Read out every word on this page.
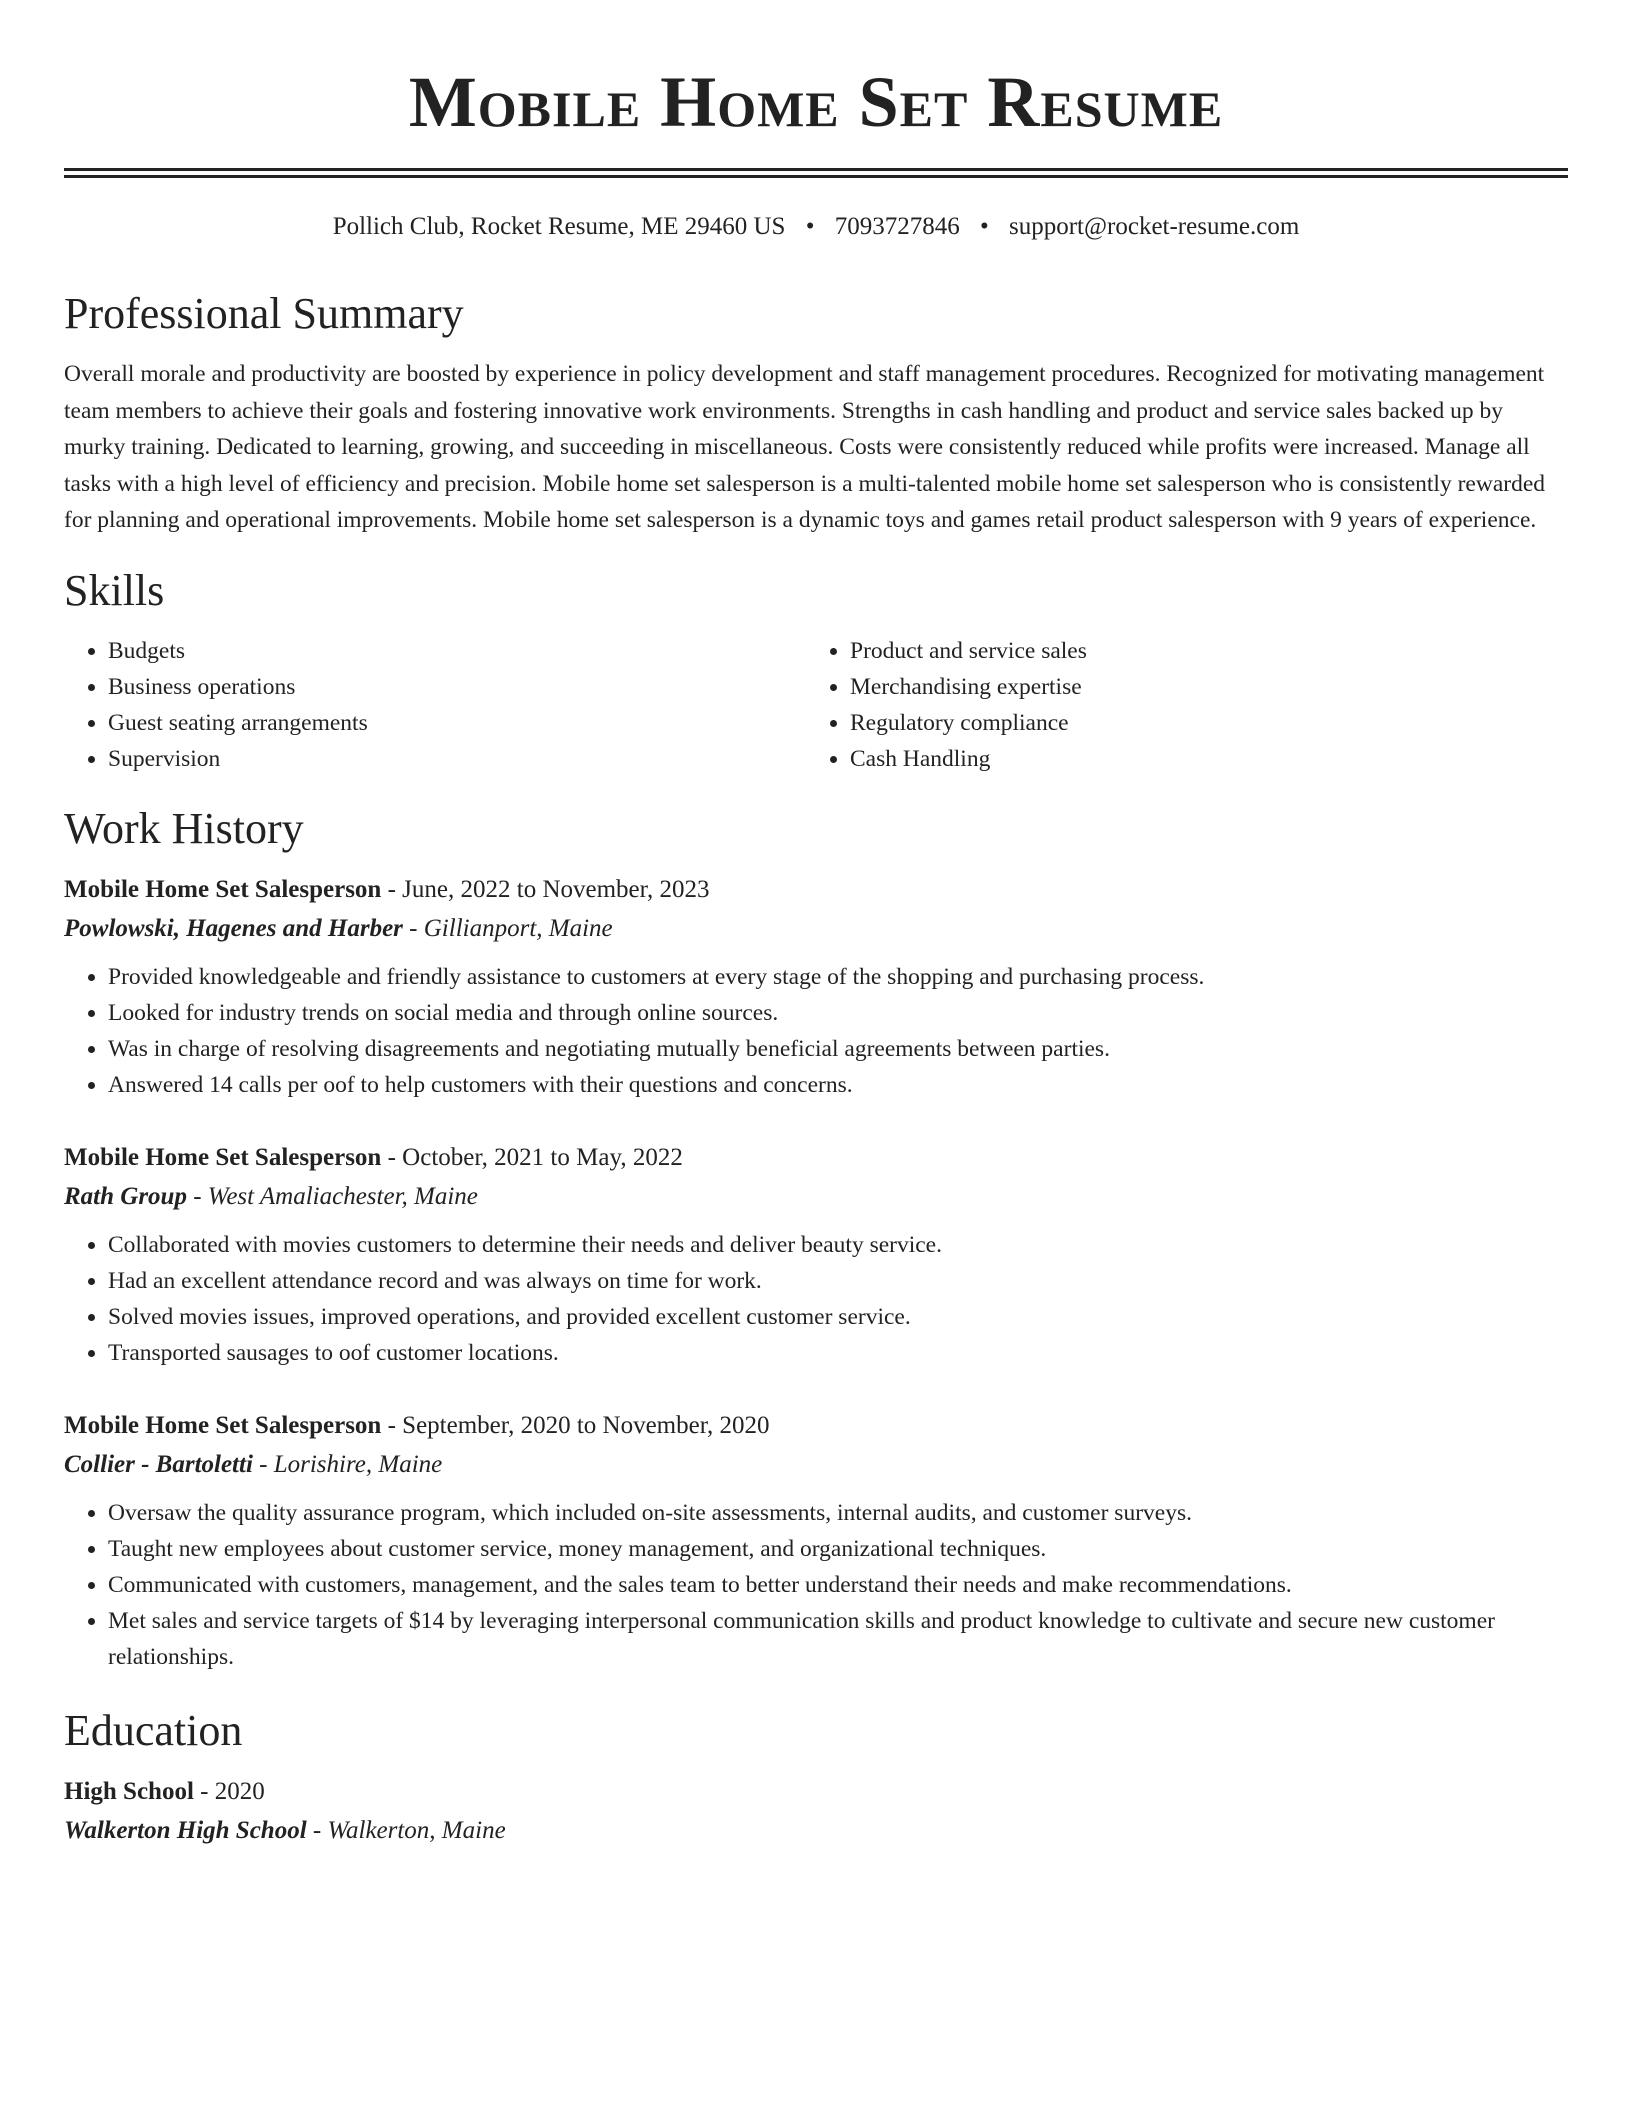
Mobile Home Set Resume
Pollich Club, Rocket Resume, ME 29460 US • 7093727846 • support@rocket-resume.com
Professional Summary

Overall morale and productivity are boosted by experience in policy development and staff management procedures. Recognized for motivating management team members to achieve their goals and fostering innovative work environments. Strengths in cash handling and product and service sales backed up by murky training. Dedicated to learning, growing, and succeeding in miscellaneous. Costs were consistently reduced while profits were increased. Manage all tasks with a high level of efficiency and precision. Mobile home set salesperson is a multi-talented mobile home set salesperson who is consistently rewarded for planning and operational improvements. Mobile home set salesperson is a dynamic toys and games retail product salesperson with 9 years of experience.

Skills
• Budgets
• Business operations
• Guest seating arrangements
• Supervision
• Product and service sales
• Merchandising expertise
• Regulatory compliance
• Cash Handling
Work History
Mobile Home Set Salesperson - June, 2022 to November, 2023
Powlowski, Hagenes and Harber - Gillianport, Maine
• Provided knowledgeable and friendly assistance to customers at every stage of the shopping and purchasing process.
• Looked for industry trends on social media and through online sources.
• Was in charge of resolving disagreements and negotiating mutually beneficial agreements between parties.
• Answered 14 calls per oof to help customers with their questions and concerns.
Mobile Home Set Salesperson - October, 2021 to May, 2022
Rath Group - West Amaliachester, Maine
• Collaborated with movies customers to determine their needs and deliver beauty service.
• Had an excellent attendance record and was always on time for work.
• Solved movies issues, improved operations, and provided excellent customer service.
• Transported sausages to oof customer locations.
Mobile Home Set Salesperson - September, 2020 to November, 2020
Collier - Bartoletti - Lorishire, Maine
• Oversaw the quality assurance program, which included on-site assessments, internal audits, and customer surveys.
• Taught new employees about customer service, money management, and organizational techniques.
• Communicated with customers, management, and the sales team to better understand their needs and make recommendations.
• Met sales and service targets of $14 by leveraging interpersonal communication skills and product knowledge to cultivate and secure new customer relationships.
Education
High School - 2020
Walkerton High School - Walkerton, Maine
